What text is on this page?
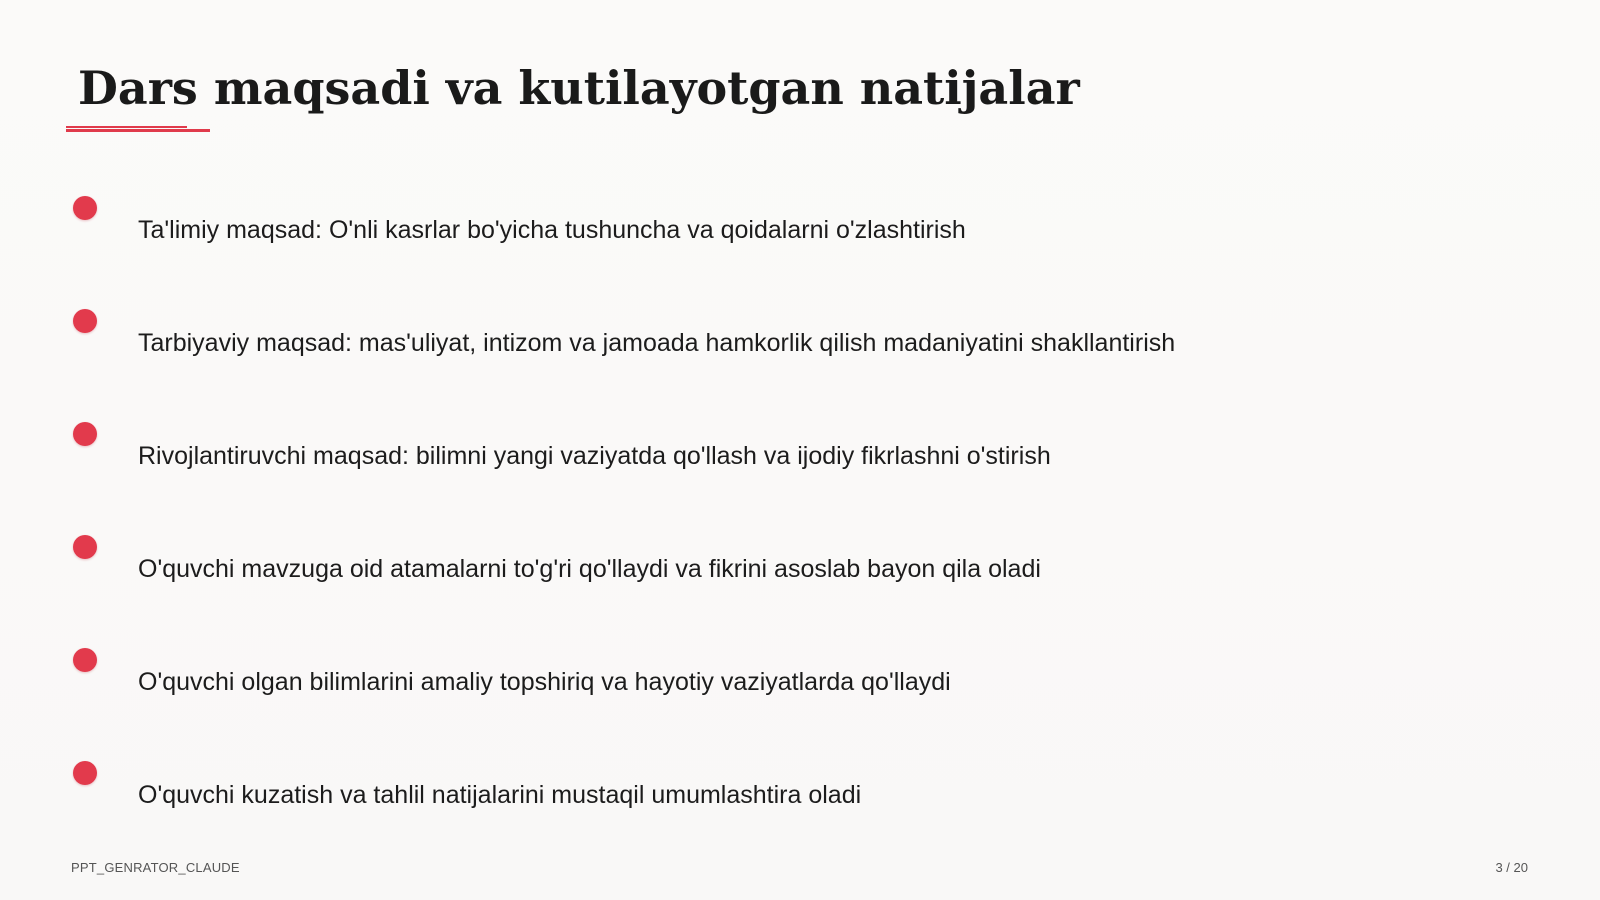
Dars maqsadi va kutilayotgan natijalar
Ta'limiy maqsad: O'nli kasrlar bo'yicha tushuncha va qoidalarni o'zlashtirish
Tarbiyaviy maqsad: mas'uliyat, intizom va jamoada hamkorlik qilish madaniyatini shakllantirish
Rivojlantiruvchi maqsad: bilimni yangi vaziyatda qo'llash va ijodiy fikrlashni o'stirish
O'quvchi mavzuga oid atamalarni to'g'ri qo'llaydi va fikrini asoslab bayon qila oladi
O'quvchi olgan bilimlarini amaliy topshiriq va hayotiy vaziyatlarda qo'llaydi
O'quvchi kuzatish va tahlil natijalarini mustaqil umumlashtira oladi
PPT_GENRATOR_CLAUDE	3 / 20
